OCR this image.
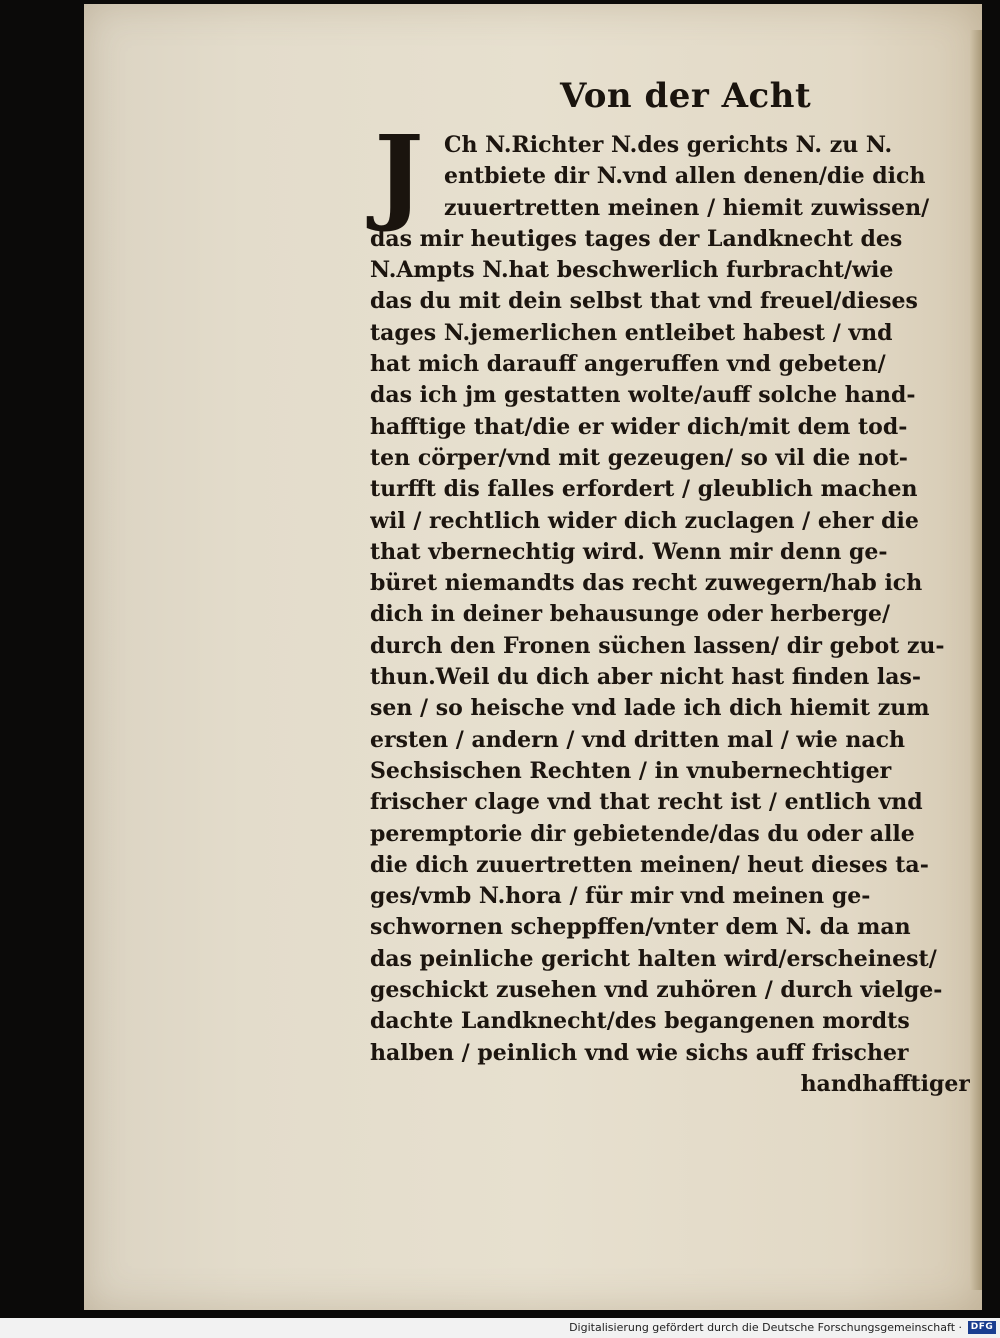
Von der Acht
J Ch N.Richter N.des gerichts N. zu N.
entbiete dir N.vnd allen denen/die dich
zuuertretten meinen / hiemit zuwissen/
das mir heutiges tages der Landknecht des
N.Ampts N.hat beschwerlich furbracht/wie
das du mit dein selbst that vnd freuel/dieses
tages N.jemerlichen entleibet habest / vnd
hat mich darauff angeruffen vnd gebeten/
das ich jm gestatten wolte/auff solche hand-
hafftige that/die er wider dich/mit dem tod-
ten cörper/vnd mit gezeugen/ so vil die not-
turfft dis falles erfordert / gleublich machen
wil / rechtlich wider dich zuclagen / eher die
that vbernechtig wird. Wenn mir denn ge-
büret niemandts das recht zuwegern/hab ich
dich in deiner behausunge oder herberge/
durch den Fronen süchen lassen/ dir gebot zu-
thun.Weil du dich aber nicht hast finden las-
sen / so heische vnd lade ich dich hiemit zum
ersten / andern / vnd dritten mal / wie nach
Sechsischen Rechten / in vnubernechtiger
frischer clage vnd that recht ist / entlich vnd
peremptorie dir gebietende/das du oder alle
die dich zuuertretten meinen/ heut dieses ta-
ges/vmb N.hora / für mir vnd meinen ge-
schwornen scheppffen/vnter dem N. da man
das peinliche gericht halten wird/erscheinest/
geschickt zusehen vnd zuhören / durch vielge-
dachte Landknecht/des begangenen mordts
halben / peinlich vnd wie sichs auff frischer
handhafftiger
Digitalisierung gefördert durch die Deutsche Forschungsgemeinschaft · DFG
